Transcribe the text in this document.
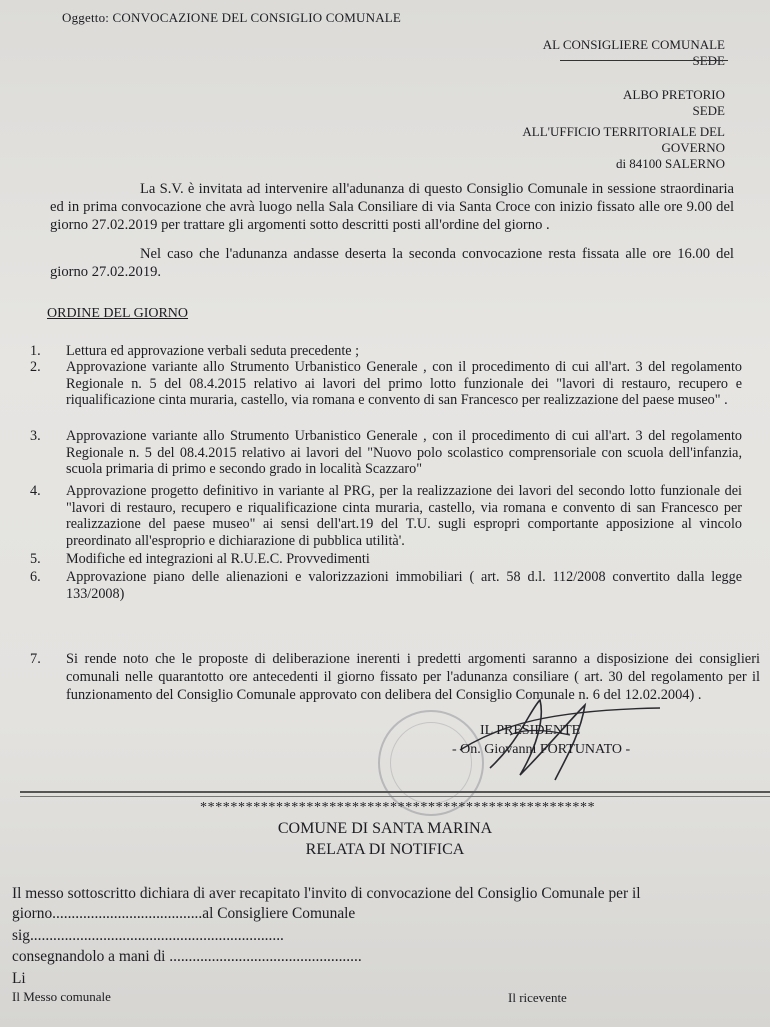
Oggetto: CONVOCAZIONE DEL CONSIGLIO COMUNALE
AL CONSIGLIERE COMUNALE
SEDE
ALBO PRETORIO
SEDE
ALL'UFFICIO TERRITORIALE DEL GOVERNO
di 84100 SALERNO
La S.V. è invitata ad intervenire all'adunanza di questo Consiglio Comunale in sessione straordinaria ed in prima convocazione che avrà luogo nella Sala Consiliare di via Santa Croce con inizio fissato alle ore 9.00 del giorno 27.02.2019 per trattare gli argomenti sotto descritti posti all'ordine del giorno .
Nel caso che l'adunanza andasse deserta la seconda convocazione resta fissata alle ore 16.00 del giorno 27.02.2019.
ORDINE DEL GIORNO
1.	Lettura ed approvazione verbali seduta precedente ;
2.	Approvazione variante allo Strumento Urbanistico Generale , con il procedimento di cui all'art. 3 del regolamento Regionale n. 5 del 08.4.2015 relativo ai lavori del primo lotto funzionale dei "lavori di restauro, recupero e riqualificazione cinta muraria, castello, via romana e convento di san Francesco per realizzazione del paese museo" .
3.	Approvazione variante allo Strumento Urbanistico Generale , con il procedimento di cui all'art. 3 del regolamento Regionale n. 5 del 08.4.2015 relativo ai lavori del "Nuovo polo scolastico comprensoriale con scuola dell'infanzia, scuola primaria di primo e secondo grado in località Scazzaro"
4.	Approvazione progetto definitivo in variante al PRG, per la realizzazione dei lavori del secondo lotto funzionale dei "lavori di restauro, recupero e riqualificazione cinta muraria, castello, via romana e convento di san Francesco per realizzazione del paese museo" ai sensi dell'art.19 del T.U. sugli espropri comportante apposizione al vincolo preordinato all'esproprio e dichiarazione di pubblica utilità'.
5.	Modifiche ed integrazioni al R.U.E.C. Provvedimenti
6.	Approvazione piano delle alienazioni e valorizzazioni immobiliari ( art. 58 d.l. 112/2008 convertito dalla legge 133/2008)
7.	Si rende noto che le proposte di deliberazione inerenti i predetti argomenti saranno a disposizione dei consiglieri comunali nelle quarantotto ore antecedenti il giorno fissato per l'adunanza consiliare ( art. 30 del regolamento per il funzionamento del Consiglio Comunale approvato con delibera del Consiglio Comunale n. 6 del 12.02.2004) .
IL PRESIDENTE
- On. Giovanni FORTUNATO -
****************************************************
COMUNE DI SANTA MARINA
RELATA DI NOTIFICA
Il messo sottoscritto dichiara di aver recapitato l'invito di convocazione del Consiglio Comunale per il
giorno.......................................al Consigliere Comunale
sig..................................................................
consegnandolo a mani di ..................................................
Li
Il Messo comunale	Il ricevente
